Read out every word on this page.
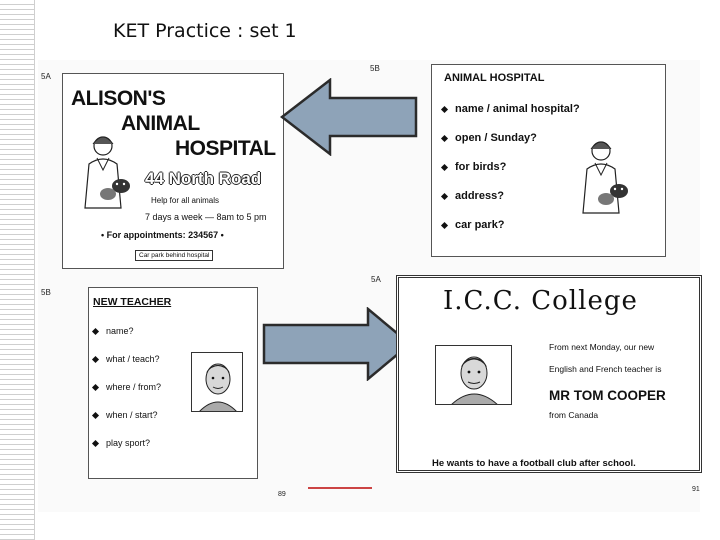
KET Practice : set 1
5A
5B
5B
5A
ALISON'S
ANIMAL
HOSPITAL
44 North Road
Help for all animals
7 days a week — 8am to 5 pm
• For appointments: 234567 •
Car park behind hospital
ANIMAL HOSPITAL
name / animal hospital?
open / Sunday?
for birds?
address?
car park?
NEW TEACHER
name?
what / teach?
where / from?
when / start?
play sport?
I.C.C. College
From next Monday, our new
English and French teacher is
MR TOM COOPER
from Canada
He wants to have a football club after school.
89
91
